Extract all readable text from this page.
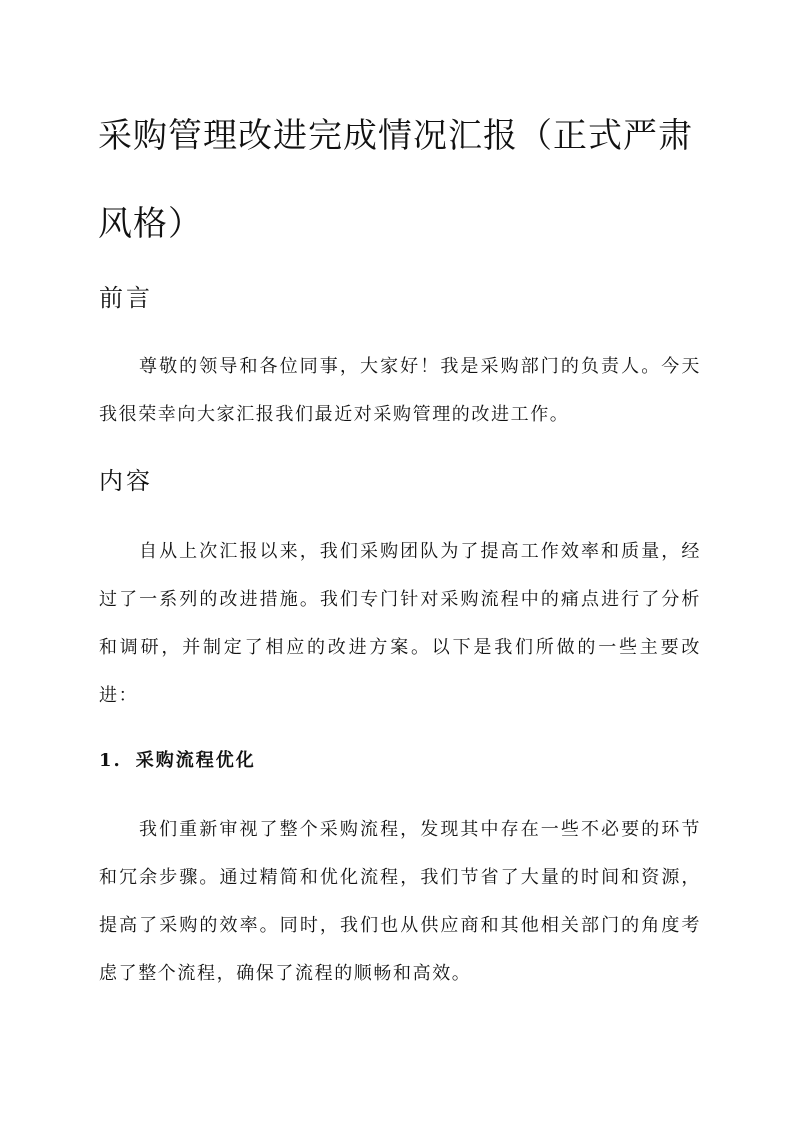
采购管理改进完成情况汇报（正式严肃风格）
前言

尊敬的领导和各位同事，大家好！我是采购部门的负责人。今天我很荣幸向大家汇报我们最近对采购管理的改进工作。

内容

自从上次汇报以来，我们采购团队为了提高工作效率和质量，经过了一系列的改进措施。我们专门针对采购流程中的痛点进行了分析和调研，并制定了相应的改进方案。以下是我们所做的一些主要改进：

1. 采购流程优化

我们重新审视了整个采购流程，发现其中存在一些不必要的环节和冗余步骤。通过精简和优化流程，我们节省了大量的时间和资源，提高了采购的效率。同时，我们也从供应商和其他相关部门的角度考虑了整个流程，确保了流程的顺畅和高效。
